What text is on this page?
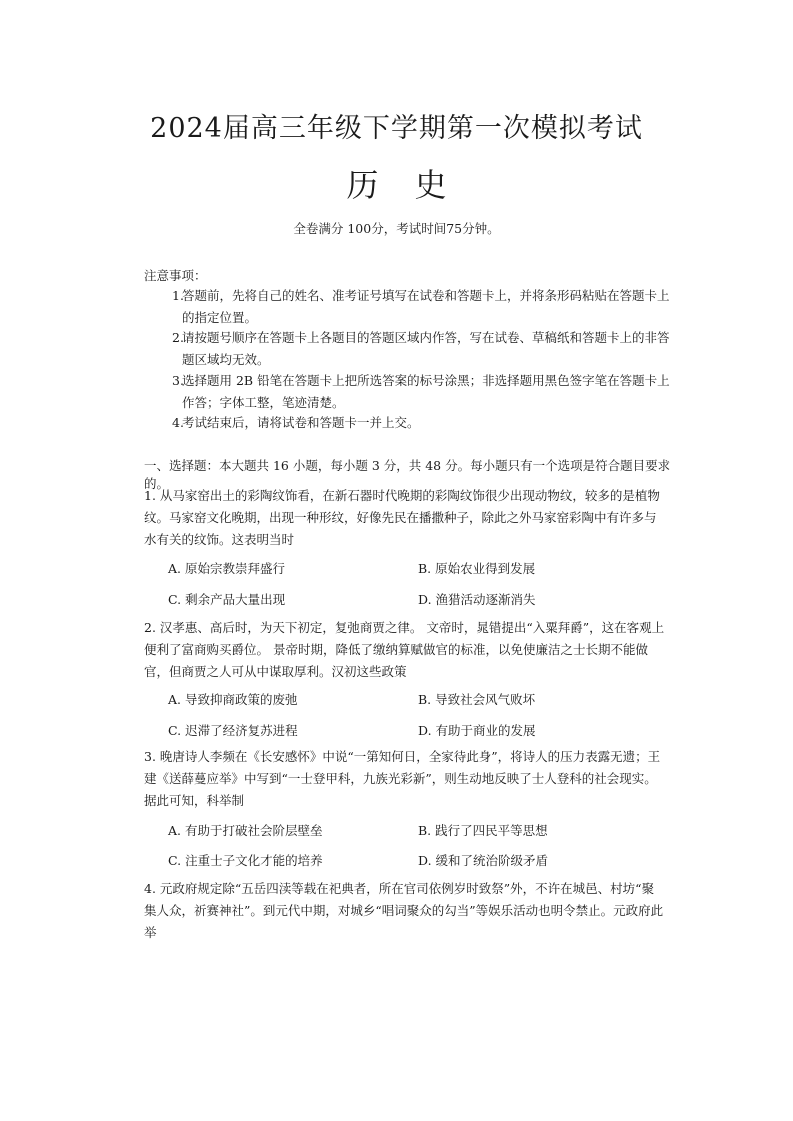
2024届高三年级下学期第一次模拟考试
历史
全卷满分 100分，考试时间75分钟。
注意事项：
1.
答题前，先将自己的姓名、准考证号填写在试卷和答题卡上，并将条形码粘贴在答题卡上的指定位置。
2.
请按题号顺序在答题卡上各题目的答题区域内作答，写在试卷、草稿纸和答题卡上的非答题区域均无效。
3.
选择题用 2B 铅笔在答题卡上把所选答案的标号涂黑；非选择题用黑色签字笔在答题卡上作答；字体工整，笔迹清楚。
4.
考试结束后，请将试卷和答题卡一并上交。
一、选择题：本大题共 16 小题，每小题 3 分，共 48 分。每小题只有一个选项是符合题目要求的。
1. 从马家窑出土的彩陶纹饰看，在新石器时代晚期的彩陶纹饰很少出现动物纹，较多的是植物纹。马家窑文化晚期，出现一种形纹，好像先民在播撒种子，除此之外马家窑彩陶中有许多与水有关的纹饰。这表明当时
A. 原始宗教崇拜盛行	B. 原始农业得到发展
C. 剩余产品大量出现	D. 渔猎活动逐渐消失
2. 汉孝惠、高后时，为天下初定，复弛商贾之律。 文帝时，晁错提出“入粟拜爵”，这在客观上便利了富商购买爵位。 景帝时期，降低了缴纳算赋做官的标准，以免使廉洁之士长期不能做官，但商贾之人可从中谋取厚利。汉初这些政策
A. 导致抑商政策的废弛	B. 导致社会风气败坏
C. 迟滞了经济复苏进程	D. 有助于商业的发展
3. 晚唐诗人李频在《长安感怀》中说“一第知何日，全家待此身”，将诗人的压力表露无遗；王建《送薛蔓应举》中写到“一士登甲科，九族光彩新”，则生动地反映了士人登科的社会现实。据此可知，科举制
A. 有助于打破社会阶层壁垒	B. 践行了四民平等思想
C. 注重士子文化才能的培养	D. 缓和了统治阶级矛盾
4. 元政府规定除“五岳四渎等载在祀典者，所在官司依例岁时致祭”外，不许在城邑、村坊“聚集人众，祈赛神社”。到元代中期，对城乡“唱词聚众的勾当”等娱乐活动也明令禁止。元政府此举
